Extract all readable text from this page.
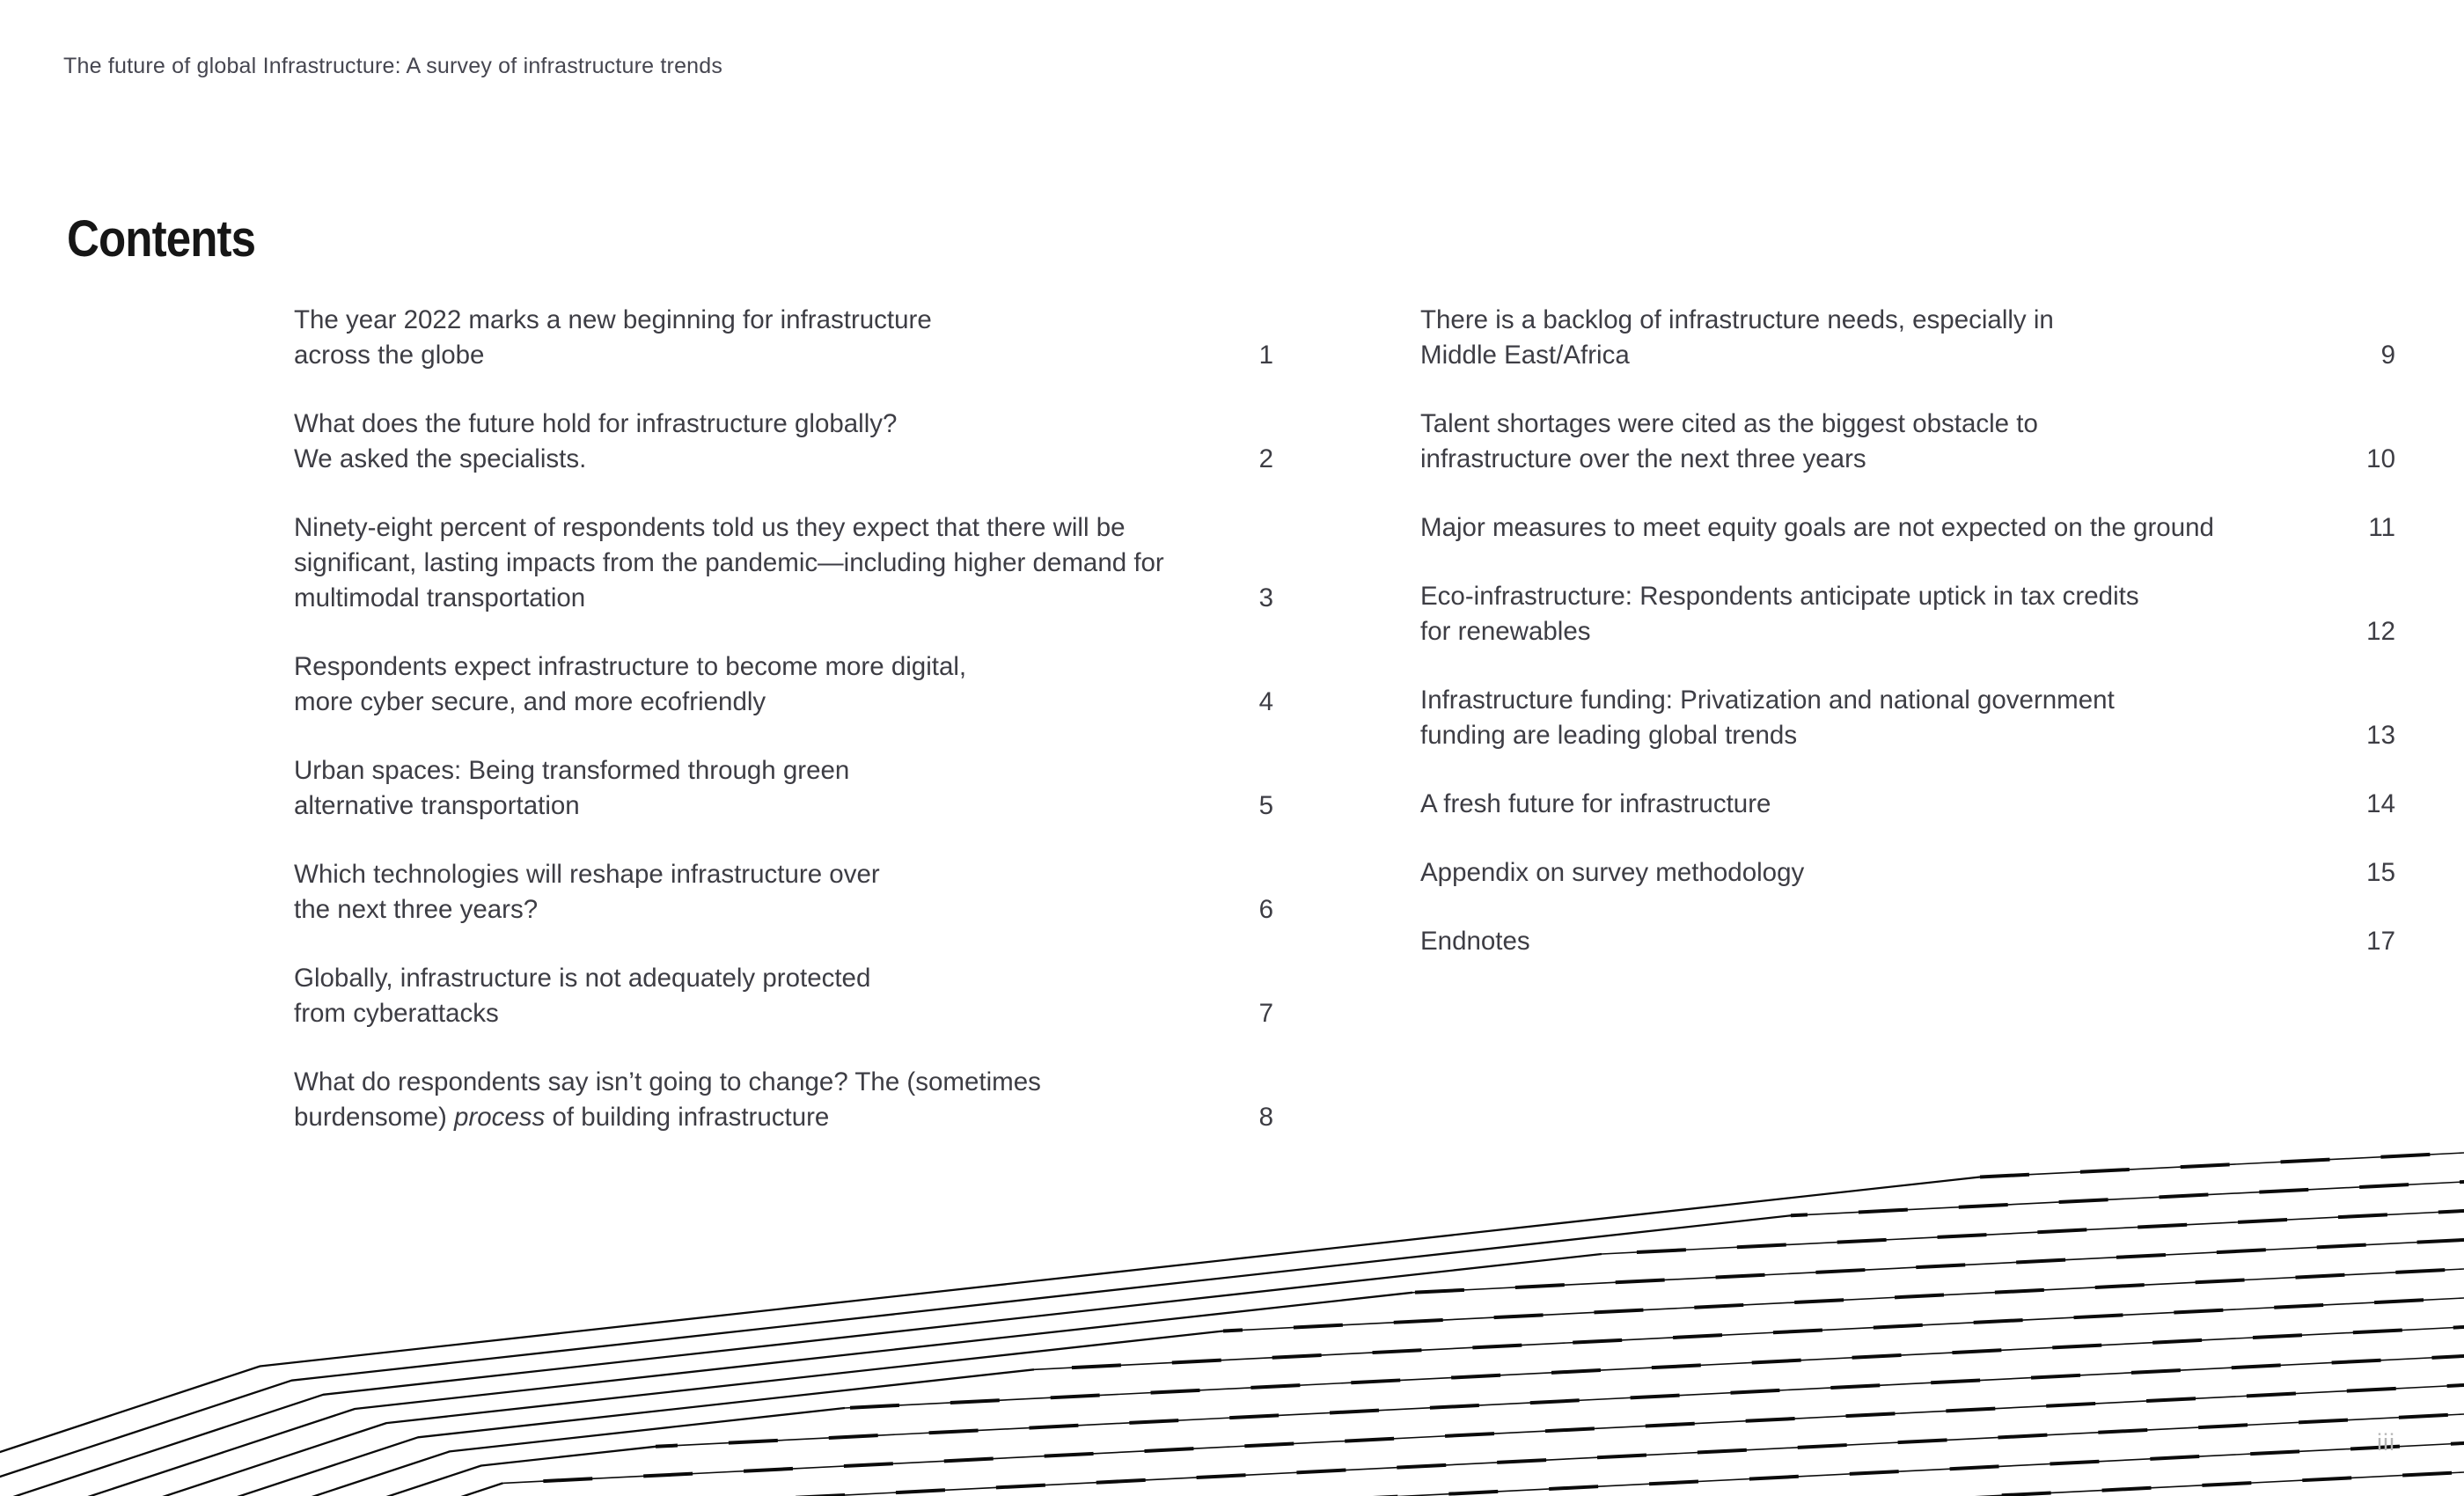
The future of global Infrastructure: A survey of infrastructure trends
Contents
The year 2022 marks a new beginning for infrastructure
across the globe	1
What does the future hold for infrastructure globally?
We asked the specialists.	2
Ninety-eight percent of respondents told us they expect that there will be
significant, lasting impacts from the pandemic—including higher demand for
multimodal transportation	3
Respondents expect infrastructure to become more digital,
more cyber secure, and more ecofriendly	4
Urban spaces: Being transformed through green
alternative transportation	5
Which technologies will reshape infrastructure over
the next three years?	6
Globally, infrastructure is not adequately protected
from cyberattacks	7
What do respondents say isn’t going to change? The (sometimes
burdensome) process of building infrastructure	8
There is a backlog of infrastructure needs, especially in
Middle East/Africa	9
Talent shortages were cited as the biggest obstacle to
infrastructure over the next three years	10
Major measures to meet equity goals are not expected on the ground	11
Eco-infrastructure: Respondents anticipate uptick in tax credits
for renewables	12
Infrastructure funding: Privatization and national government
funding are leading global trends	13
A fresh future for infrastructure	14
Appendix on survey methodology	15
Endnotes	17
iii
